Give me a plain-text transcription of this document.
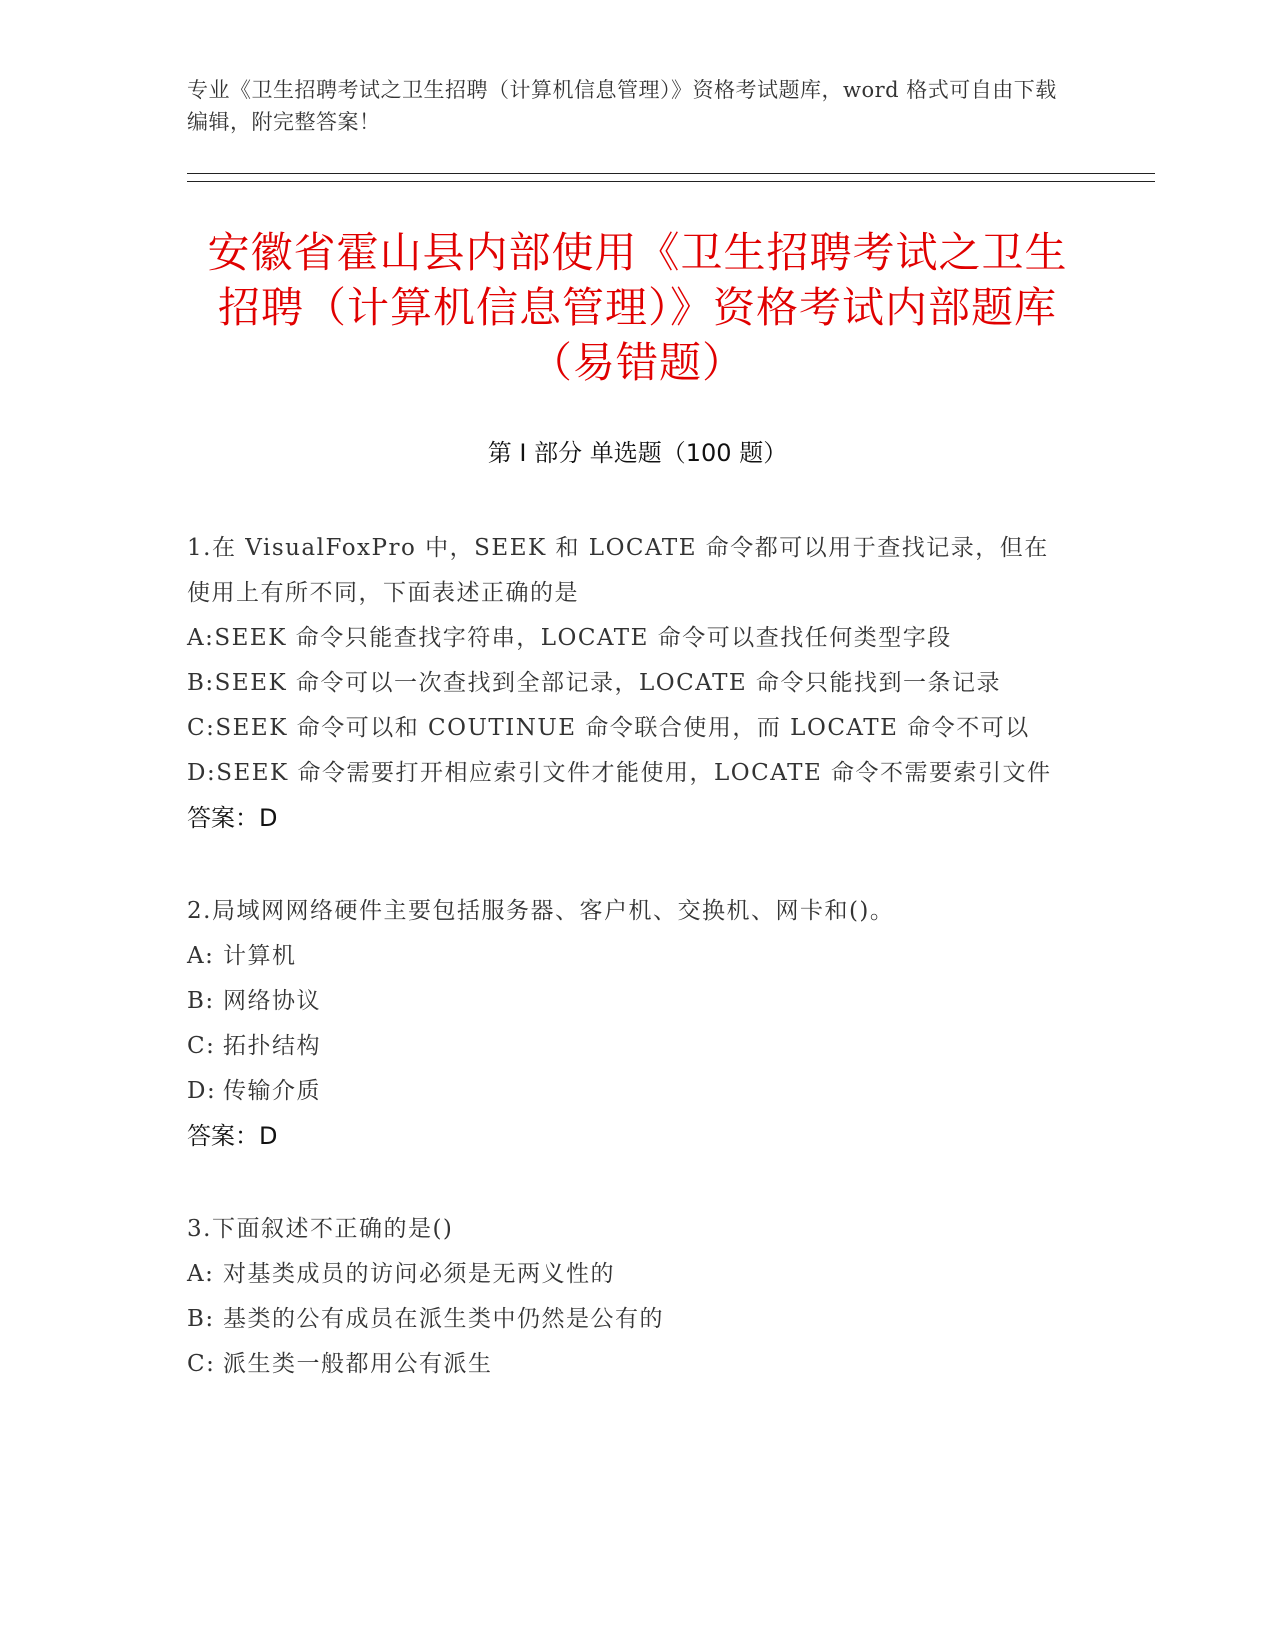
专业《卫生招聘考试之卫生招聘（计算机信息管理）》资格考试题库，word 格式可自由下载编辑，附完整答案！
安徽省霍山县内部使用《卫生招聘考试之卫生招聘（计算机信息管理）》资格考试内部题库（易错题）
第 I 部分 单选题（100 题）
1.在 VisualFoxPro 中，SEEK 和 LOCATE 命令都可以用于查找记录，但在使用上有所不同，下面表述正确的是
A:SEEK 命令只能查找字符串，LOCATE 命令可以查找任何类型字段
B:SEEK 命令可以一次查找到全部记录，LOCATE 命令只能找到一条记录
C:SEEK 命令可以和 COUTINUE 命令联合使用，而 LOCATE 命令不可以
D:SEEK 命令需要打开相应索引文件才能使用，LOCATE 命令不需要索引文件
答案：D
2.局域网网络硬件主要包括服务器、客户机、交换机、网卡和()。
A: 计算机
B: 网络协议
C: 拓扑结构
D: 传输介质
答案：D
3.下面叙述不正确的是()
A: 对基类成员的访问必须是无两义性的
B: 基类的公有成员在派生类中仍然是公有的
C: 派生类一般都用公有派生
